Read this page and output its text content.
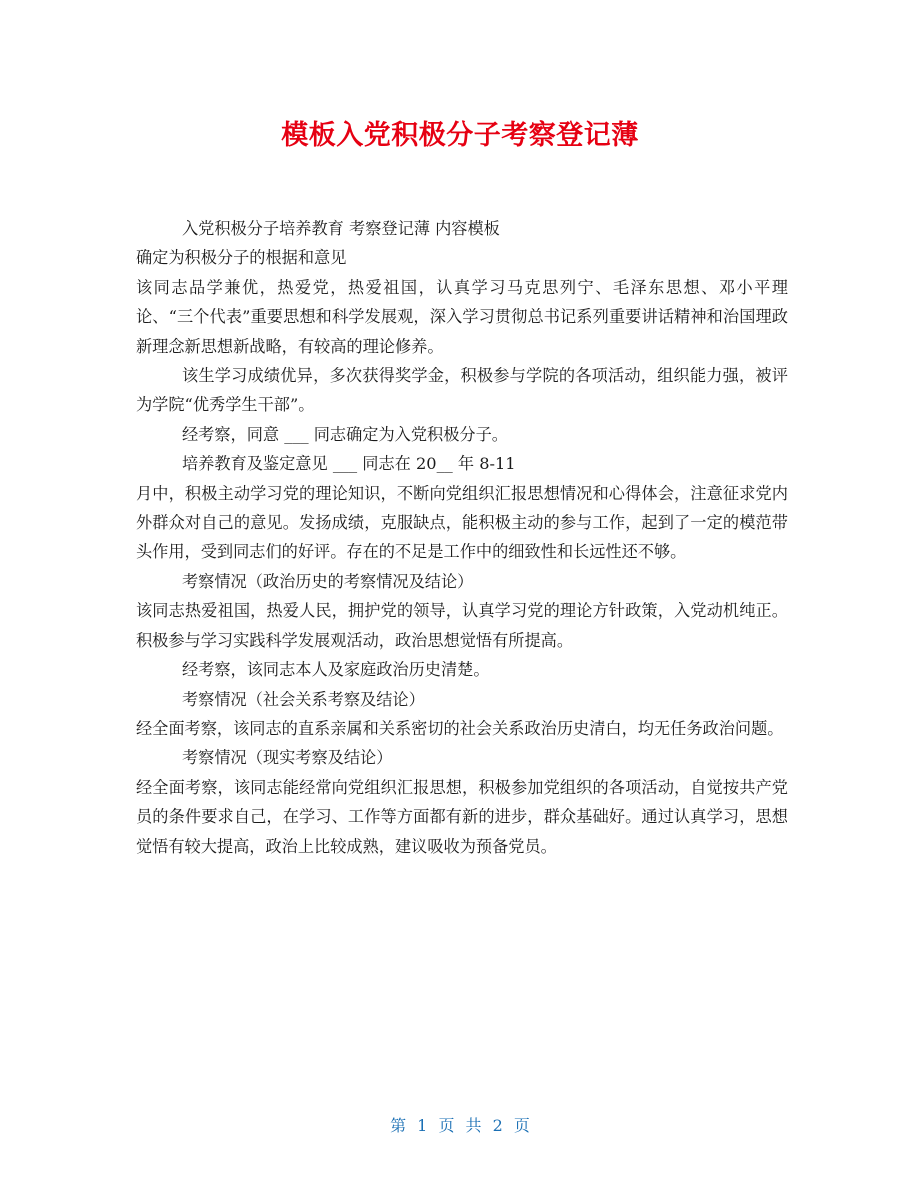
模板入党积极分子考察登记薄

入党积极分子培养教育 考察登记薄 内容模板

确定为积极分子的根据和意见

该同志品学兼优，热爱党，热爱祖国，认真学习马克思列宁、毛泽东思想、邓小平理论、“三个代表”重要思想和科学发展观，深入学习贯彻总书记系列重要讲话精神和治国理政新理念新思想新战略，有较高的理论修养。

该生学习成绩优异，多次获得奖学金，积极参与学院的各项活动，组织能力强，被评为学院“优秀学生干部”。

经考察，同意 ___ 同志确定为入党积极分子。

培养教育及鉴定意见 ___ 同志在 20__ 年 8-11

月中，积极主动学习党的理论知识，不断向党组织汇报思想情况和心得体会，注意征求党内外群众对自己的意见。发扬成绩，克服缺点，能积极主动的参与工作，起到了一定的模范带头作用，受到同志们的好评。存在的不足是工作中的细致性和长远性还不够。

考察情况（政治历史的考察情况及结论）

该同志热爱祖国，热爱人民，拥护党的领导，认真学习党的理论方针政策，入党动机纯正。积极参与学习实践科学发展观活动，政治思想觉悟有所提高。

经考察，该同志本人及家庭政治历史清楚。

考察情况（社会关系考察及结论）

经全面考察，该同志的直系亲属和关系密切的社会关系政治历史清白，均无任务政治问题。

考察情况（现实考察及结论）

经全面考察，该同志能经常向党组织汇报思想，积极参加党组织的各项活动，自觉按共产党员的条件要求自己，在学习、工作等方面都有新的进步，群众基础好。通过认真学习，思想觉悟有较大提高，政治上比较成熟，建议吸收为预备党员。

第 1 页 共 2 页
